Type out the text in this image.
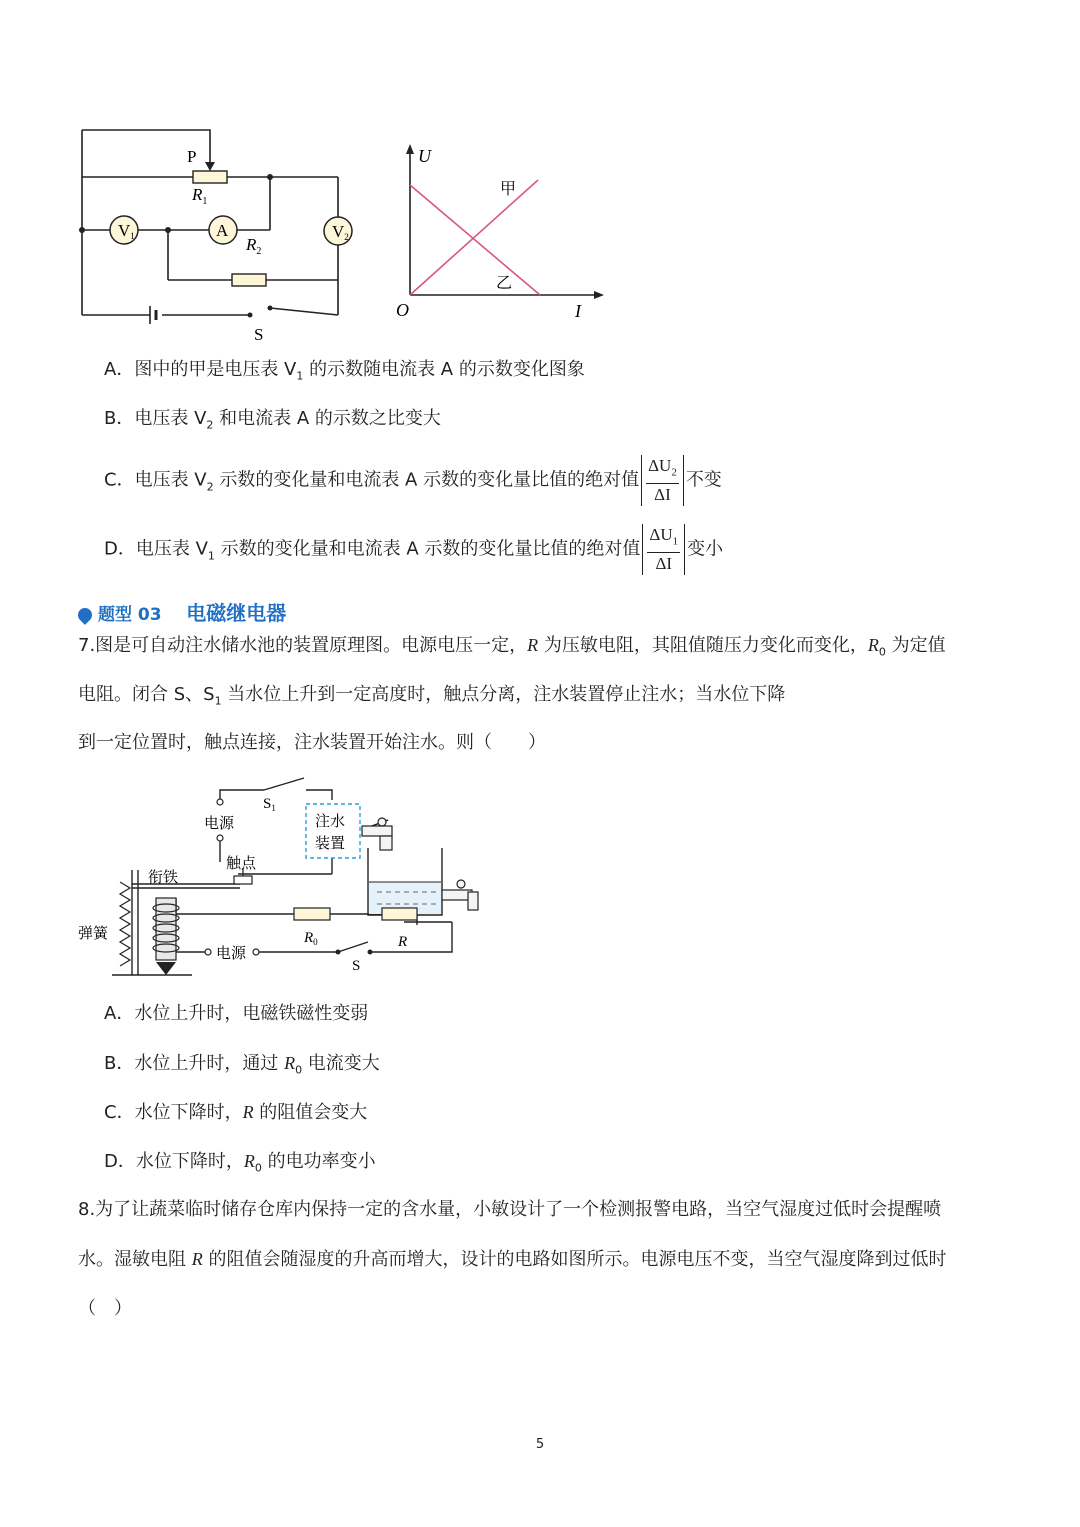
V1	A	V2
P
$R_1$
$R_2$
S
U
I
O
甲
乙
A．图中的甲是电压表 $V_1$ 的示数随电流表 A 的示数变化图象
B．电压表 $V_2$ 和电流表 A 的示数之比变大
C．电压表 $V_2$ 示数的变化量和电流表 A 示数的变化量比值的绝对值 $\frac{\Delta U_2}{\Delta I}$ 不变
D．电压表 $V_1$ 示数的变化量和电流表 A 示数的变化量比值的绝对值 $\frac{\Delta U_1}{\Delta I}$ 变小
题型 03 电磁继电器
7.图是可自动注水储水池的装置原理图。电源电压一定，R 为压敏电阻，其阻值随压力变化而变化，$R_0$ 为定值
电阻。闭合 S、$S_1$ 当水位上升到一定高度时，触点分离，注水装置停止注水；当水位下降
到一定位置时，触点连接，注水装置开始注水。则（　　）
$S_1$
电源	注水
装置
触点
衔铁
弹簧	$R_0$	R
电源
S
A．水位上升时，电磁铁磁性变弱
B．水位上升时，通过 $R_0$ 电流变大
C．水位下降时，R 的阻值会变大
D．水位下降时，$R_0$ 的电功率变小
8.为了让蔬菜临时储存仓库内保持一定的含水量，小敏设计了一个检测报警电路，当空气湿度过低时会提醒喷
水。湿敏电阻 R 的阻值会随湿度的升高而增大，设计的电路如图所示。电源电压不变，当空气湿度降到过低时
（　）
5
